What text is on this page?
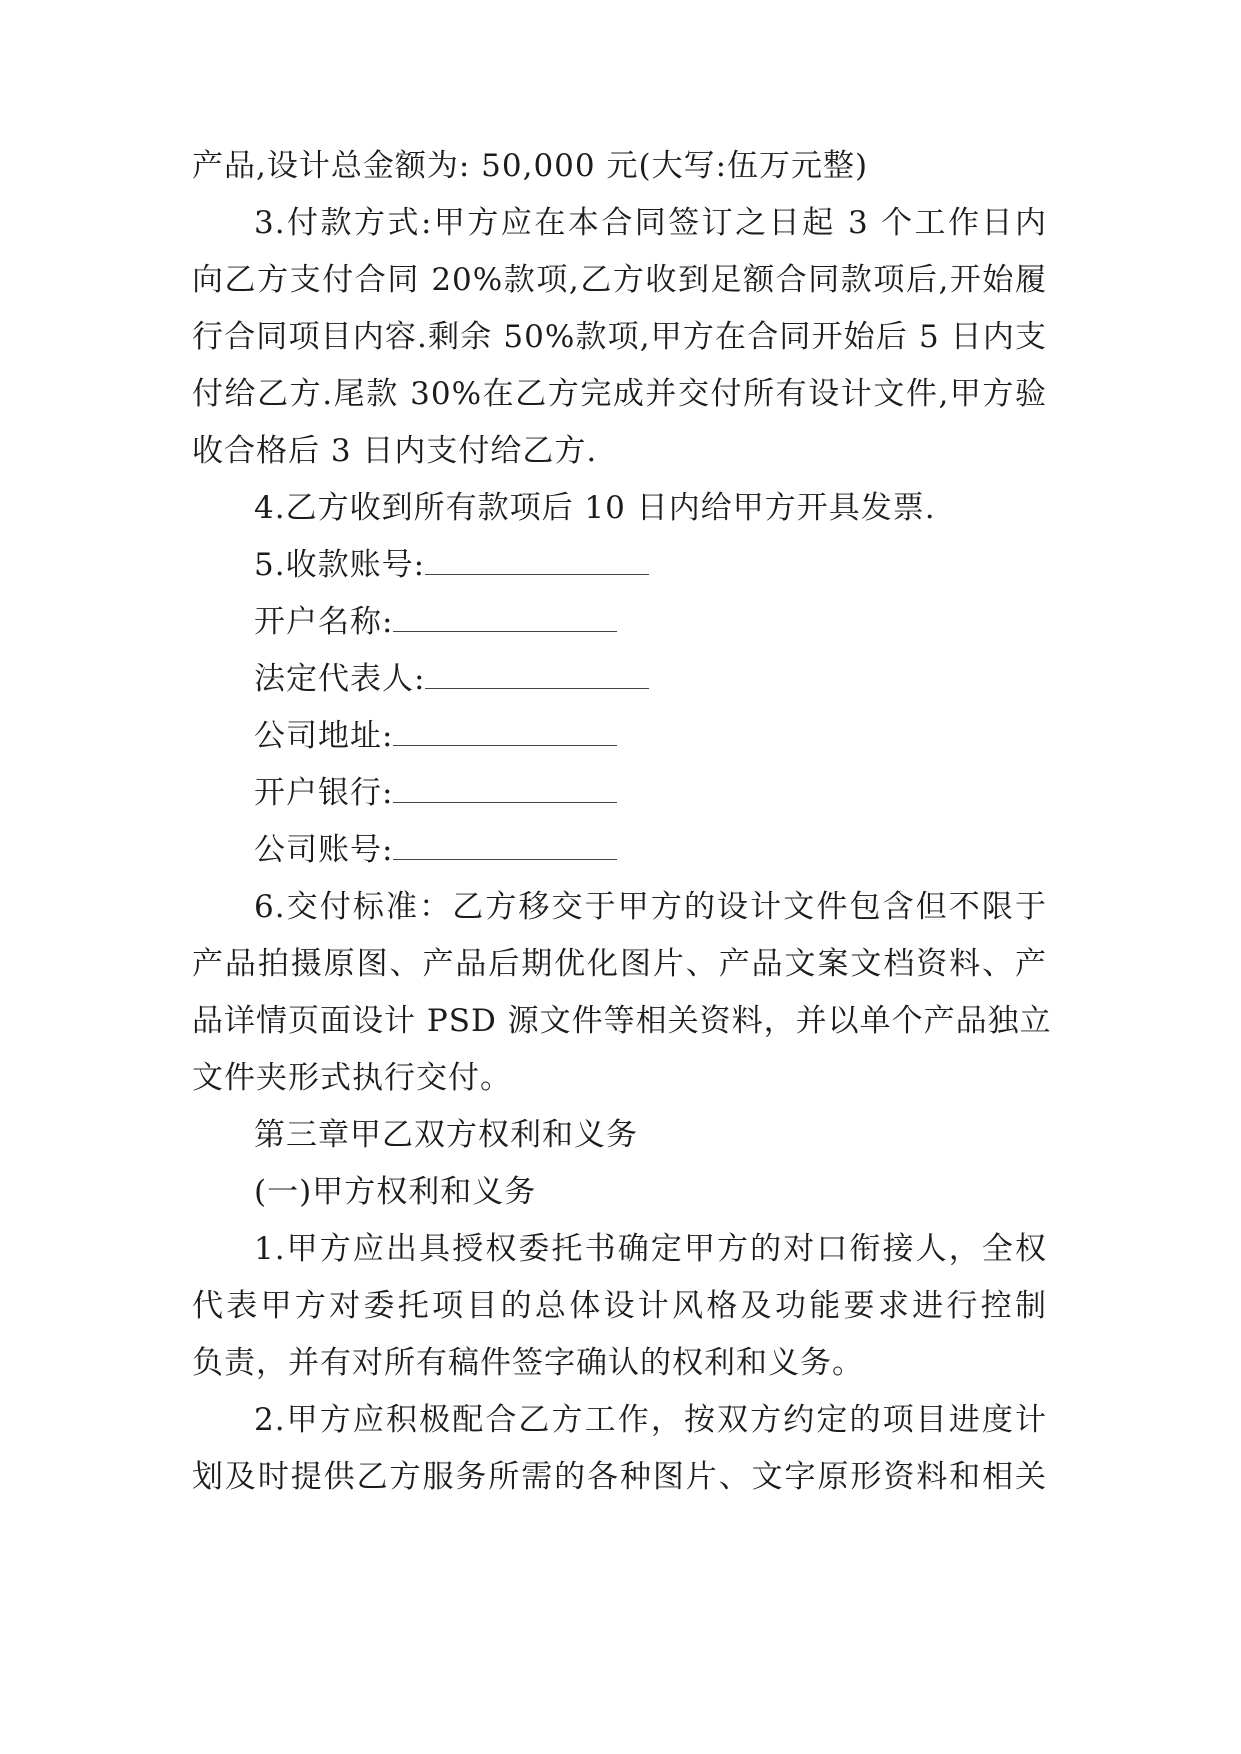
产品,设计总金额为: 50,000 元(大写:伍万元整)
3.付款方式:甲方应在本合同签订之日起 3 个工作日内
向乙方支付合同 20%款项,乙方收到足额合同款项后,开始履
行合同项目内容.剩余 50%款项,甲方在合同开始后 5 日内支
付给乙方.尾款 30%在乙方完成并交付所有设计文件,甲方验
收合格后 3 日内支付给乙方.
4.乙方收到所有款项后 10 日内给甲方开具发票.
5.收款账号:
开户名称:
法定代表人:
公司地址:
开户银行:
公司账号:
6.交付标准：乙方移交于甲方的设计文件包含但不限于
产品拍摄原图、产品后期优化图片、产品文案文档资料、产
品详情页面设计 PSD 源文件等相关资料，并以单个产品独立
文件夹形式执行交付。
第三章甲乙双方权利和义务
(一)甲方权利和义务
1.甲方应出具授权委托书确定甲方的对口衔接人，全权
代表甲方对委托项目的总体设计风格及功能要求进行控制
负责，并有对所有稿件签字确认的权利和义务。
2.甲方应积极配合乙方工作，按双方约定的项目进度计
划及时提供乙方服务所需的各种图片、文字原形资料和相关
